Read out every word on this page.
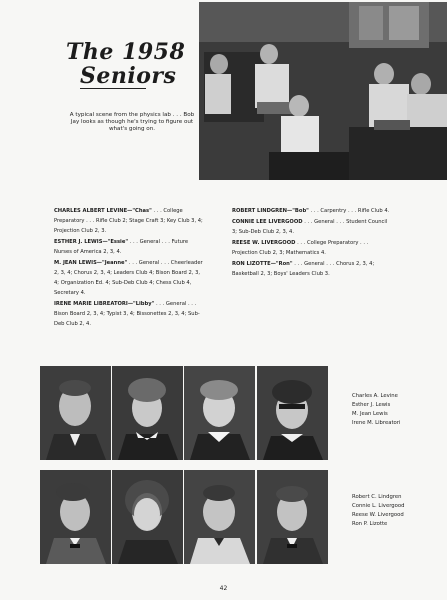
The 1958
Seniors
A typical scene from the physics lab . . . Bob Jay looks as though he's trying to figure out what's going on.
CHARLES ALBERT LEVINE—"Chas" . . . College Preparatory . . . Rifle Club 2; Stage Craft 3; Key Club 3, 4; Projection Club 2, 3.
ESTHER J. LEWIS—"Essie" . . . General . . . Future Nurses of America 2, 3, 4.
M. JEAN LEWIS—"Jeanne" . . . General . . . Cheerleader 2, 3, 4; Chorus 2, 3, 4; Leaders Club 4; Bison Board 2, 3, 4; Organization Ed. 4; Sub-Deb Club 4; Chess Club 4, Secretary 4.
IRENE MARIE LIBREATORI—"Libby" . . . General . . . Bison Board 2, 3, 4; Typist 3, 4; Bissonettes 2, 3, 4; Sub-Deb Club 2, 4.
ROBERT LINDGREN—"Bob" . . . Carpentry . . . Rifle Club 4.
CONNIE LEE LIVERGOOD . . . General . . . Student Council 3; Sub-Deb Club 2, 3, 4.
REESE W. LIVERGOOD . . . College Preparatory . . . Projection Club 2, 3; Mathematics 4.
RON LIZOTTE—"Ron" . . . General . . . Chorus 2, 3, 4; Basketball 2, 3; Boys' Leaders Club 3.
Charles A. Levine
Esther J. Lewis
M. Jean Lewis
Irene M. Libreatori
Robert C. Lindgren
Connie L. Livergood
Reese W. Livergood
Ron P. Lizotte
42
